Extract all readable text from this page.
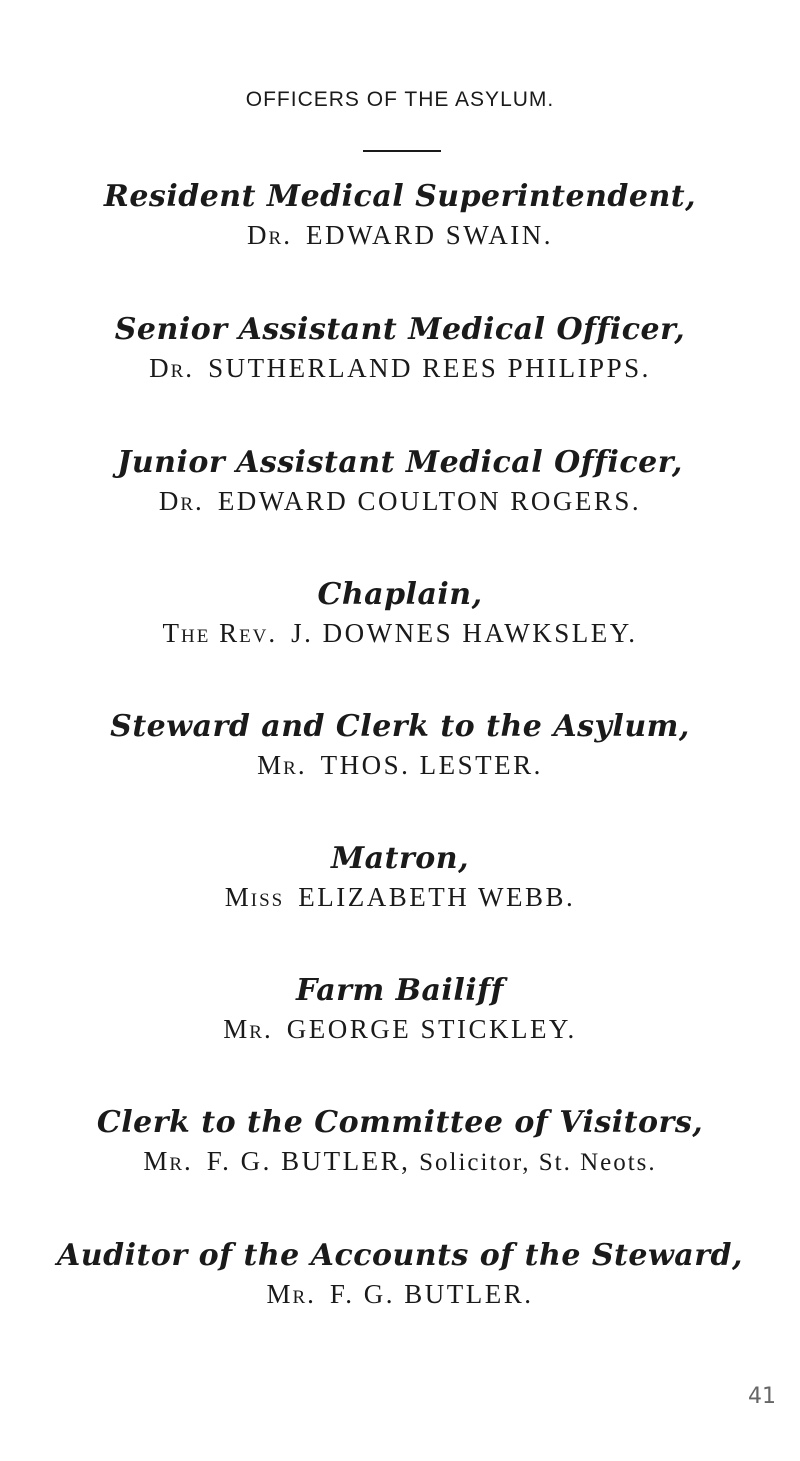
OFFICERS OF THE ASYLUM.
Resident Medical Superintendent,
Dr. EDWARD SWAIN.
Senior Assistant Medical Officer,
Dr. SUTHERLAND REES PHILIPPS.
Junior Assistant Medical Officer,
Dr. EDWARD COULTON ROGERS.
Chaplain,
The Rev. J. DOWNES HAWKSLEY.
Steward and Clerk to the Asylum,
Mr. THOS. LESTER.
Matron,
Miss ELIZABETH WEBB.
Farm Bailiff
Mr. GEORGE STICKLEY.
Clerk to the Committee of Visitors,
Mr. F. G. BUTLER, Solicitor, St. Neots.
Auditor of the Accounts of the Steward,
Mr. F. G. BUTLER.
41
